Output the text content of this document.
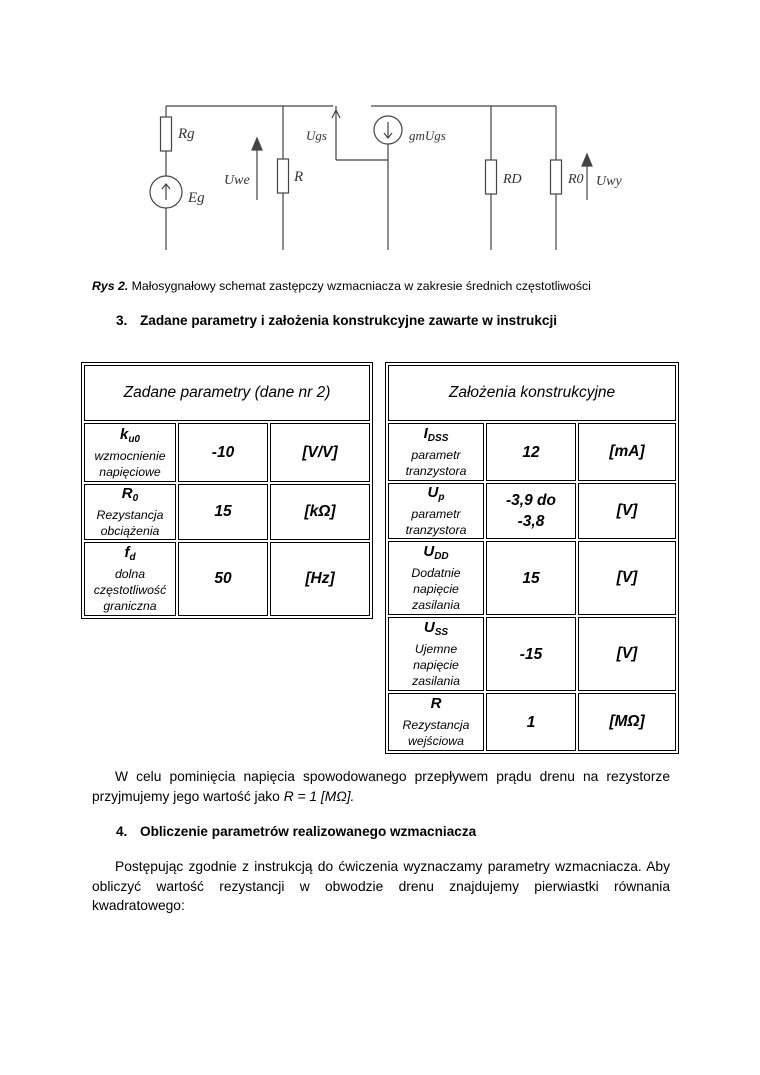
Rg
Eg
Uwe	R
Ugs	gmUgs
RD	R0 Uwy
Rys 2. Małosygnałowy schemat zastępczy wzmacniacza w zakresie średnich częstotliwości
3. Zadane parametry i założenia konstrukcyjne zawarte w instrukcji
Zadane parametry (dane nr 2)		

$k_{u0}$
wzmocnienie
napięciowe	-10	[V/V]

$R_0$
Rezystancja
obciążenia	15	[kΩ]

$f_d$
dolna
częstotliwość
graniczna	50	[Hz]
Założenia konstrukcyjne		

$I_{DSS}$
parametr
tranzystora	12	[mA]

$U_p$
parametr
tranzystora	-3,9 do
-3,8	[V]

$U_{DD}$
Dodatnie
napięcie
zasilania	15	[V]

$U_{SS}$
Ujemne
napięcie
zasilania	-15	[V]

R
Rezystancja
wejściowa	1	[MΩ]

W celu pominięcia napięcia spowodowanego przepływem prądu drenu na rezystorze przyjmujemy jego wartość jako R = 1 [MΩ].

4. Obliczenie parametrów realizowanego wzmacniacza

Postępując zgodnie z instrukcją do ćwiczenia wyznaczamy parametry wzmacniacza. Aby obliczyć wartość rezystancji w obwodzie drenu znajdujemy pierwiastki równania kwadratowego:
